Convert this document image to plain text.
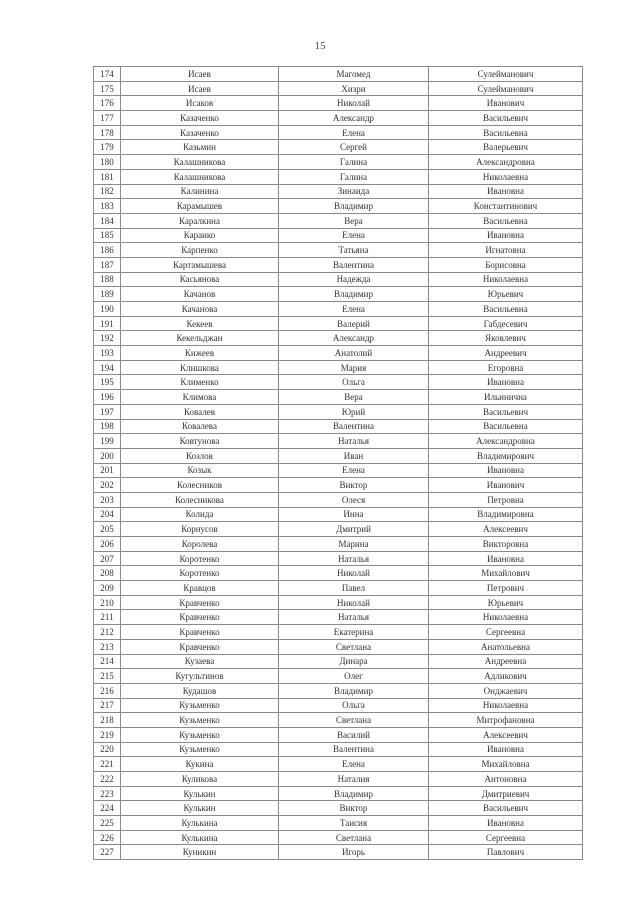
15
174	Исаев	Магомед	Сулейманович
175	Исаев	Хизри	Сулейманович
176	Исаков	Николай	Иванович
177	Казаченко	Александр	Васильевич
178	Казаченко	Елена	Васильевна
179	Казьмин	Сергей	Валерьевич
180	Калашникова	Галина	Александровна
181	Калашникова	Галина	Николаевна
182	Калинина	Зинаида	Ивановна
183	Карамышев	Владимир	Константинович
184	Каралкина	Вера	Васильевна
185	Караико	Елена	Ивановна
186	Карпенко	Татьяна	Игнатовна
187	Картамышева	Валентина	Борисовна
188	Касьянова	Надежда	Николаевна
189	Качанов	Владимир	Юрьевич
190	Качанова	Елена	Васильевна
191	Кекеев	Валерий	Габдесевич
192	Кекельджан	Александр	Яковлевич
193	Кижеев	Анатолий	Андреевич
194	Клишкова	Мария	Егоровна
195	Клименко	Ольга	Ивановна
196	Климова	Вера	Ильинична
197	Ковалев	Юрий	Васильевич
198	Ковалева	Валентина	Васильевна
199	Ковтунова	Наталья	Александровна
200	Козлов	Иван	Владимирович
201	Козык	Елена	Ивановна
202	Колесников	Виктор	Иванович
203	Колесникова	Олеся	Петровна
204	Колида	Инна	Владимировна
205	Корнусов	Дмитрий	Алексеевич
206	Королева	Марина	Викторовна
207	Коротенко	Наталья	Ивановна
208	Коротенко	Николай	Михайлович
209	Кравцов	Павел	Петрович
210	Кравченко	Николай	Юрьевич
211	Кравченко	Наталья	Николаевна
212	Кравченко	Екатерина	Сергеевна
213	Кравченко	Светлана	Анатольевна
214	Кузаева	Динара	Андреевна
215	Кугультинов	Олег	Адликович
216	Кудашов	Владимир	Онджаевич
217	Кузьменко	Ольга	Николаевна
218	Кузьменко	Светлана	Митрофановна
219	Кузьменко	Василий	Алексеевич
220	Кузьменко	Валентина	Ивановна
221	Кукина	Елена	Михайловна
222	Куликова	Наталия	Антоновна
223	Кулькин	Владимир	Дмитриевич
224	Кулькин	Виктор	Васильевич
225	Кулькина	Таисия	Ивановна
226	Кулькина	Светлана	Сергеевна
227	Куникин	Игорь	Павлович
